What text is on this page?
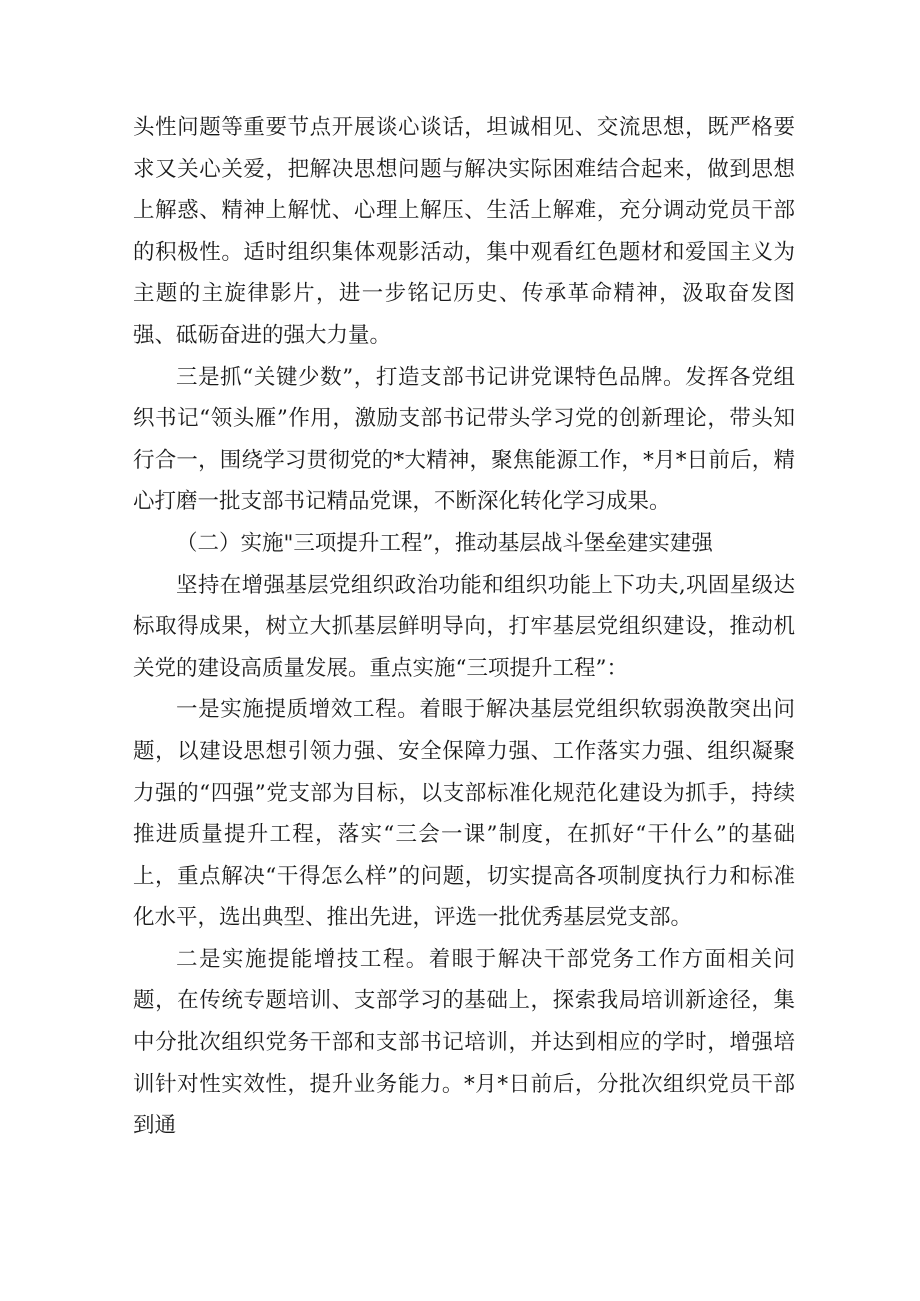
头性问题等重要节点开展谈心谈话，坦诚相见、交流思想，既严格要求又关心关爱，把解决思想问题与解决实际困难结合起来，做到思想上解惑、精神上解忧、心理上解压、生活上解难，充分调动党员干部的积极性。适时组织集体观影活动，集中观看红色题材和爱国主义为主题的主旋律影片，进一步铭记历史、传承革命精神，汲取奋发图强、砥砺奋进的强大力量。

三是抓“关键少数”，打造支部书记讲党课特色品牌。发挥各党组织书记“领头雁”作用，激励支部书记带头学习党的创新理论，带头知行合一，围绕学习贯彻党的*大精神，聚焦能源工作，*月*日前后，精心打磨一批支部书记精品党课，不断深化转化学习成果。

（二）实施"三项提升工程”，推动基层战斗堡垒建实建强

坚持在增强基层党组织政治功能和组织功能上下功夫,巩固星级达标取得成果，树立大抓基层鲜明导向，打牢基层党组织建设，推动机关党的建设高质量发展。重点实施“三项提升工程”：

一是实施提质增效工程。着眼于解决基层党组织软弱涣散突出问题，以建设思想引领力强、安全保障力强、工作落实力强、组织凝聚力强的“四强”党支部为目标，以支部标准化规范化建设为抓手，持续推进质量提升工程，落实“三会一课”制度，在抓好“干什么”的基础上，重点解决“干得怎么样”的问题，切实提高各项制度执行力和标准化水平，选出典型、推出先进，评选一批优秀基层党支部。

二是实施提能增技工程。着眼于解决干部党务工作方面相关问题，在传统专题培训、支部学习的基础上，探索我局培训新途径，集中分批次组织党务干部和支部书记培训，并达到相应的学时，增强培训针对性实效性，提升业务能力。*月*日前后，分批次组织党员干部到通
